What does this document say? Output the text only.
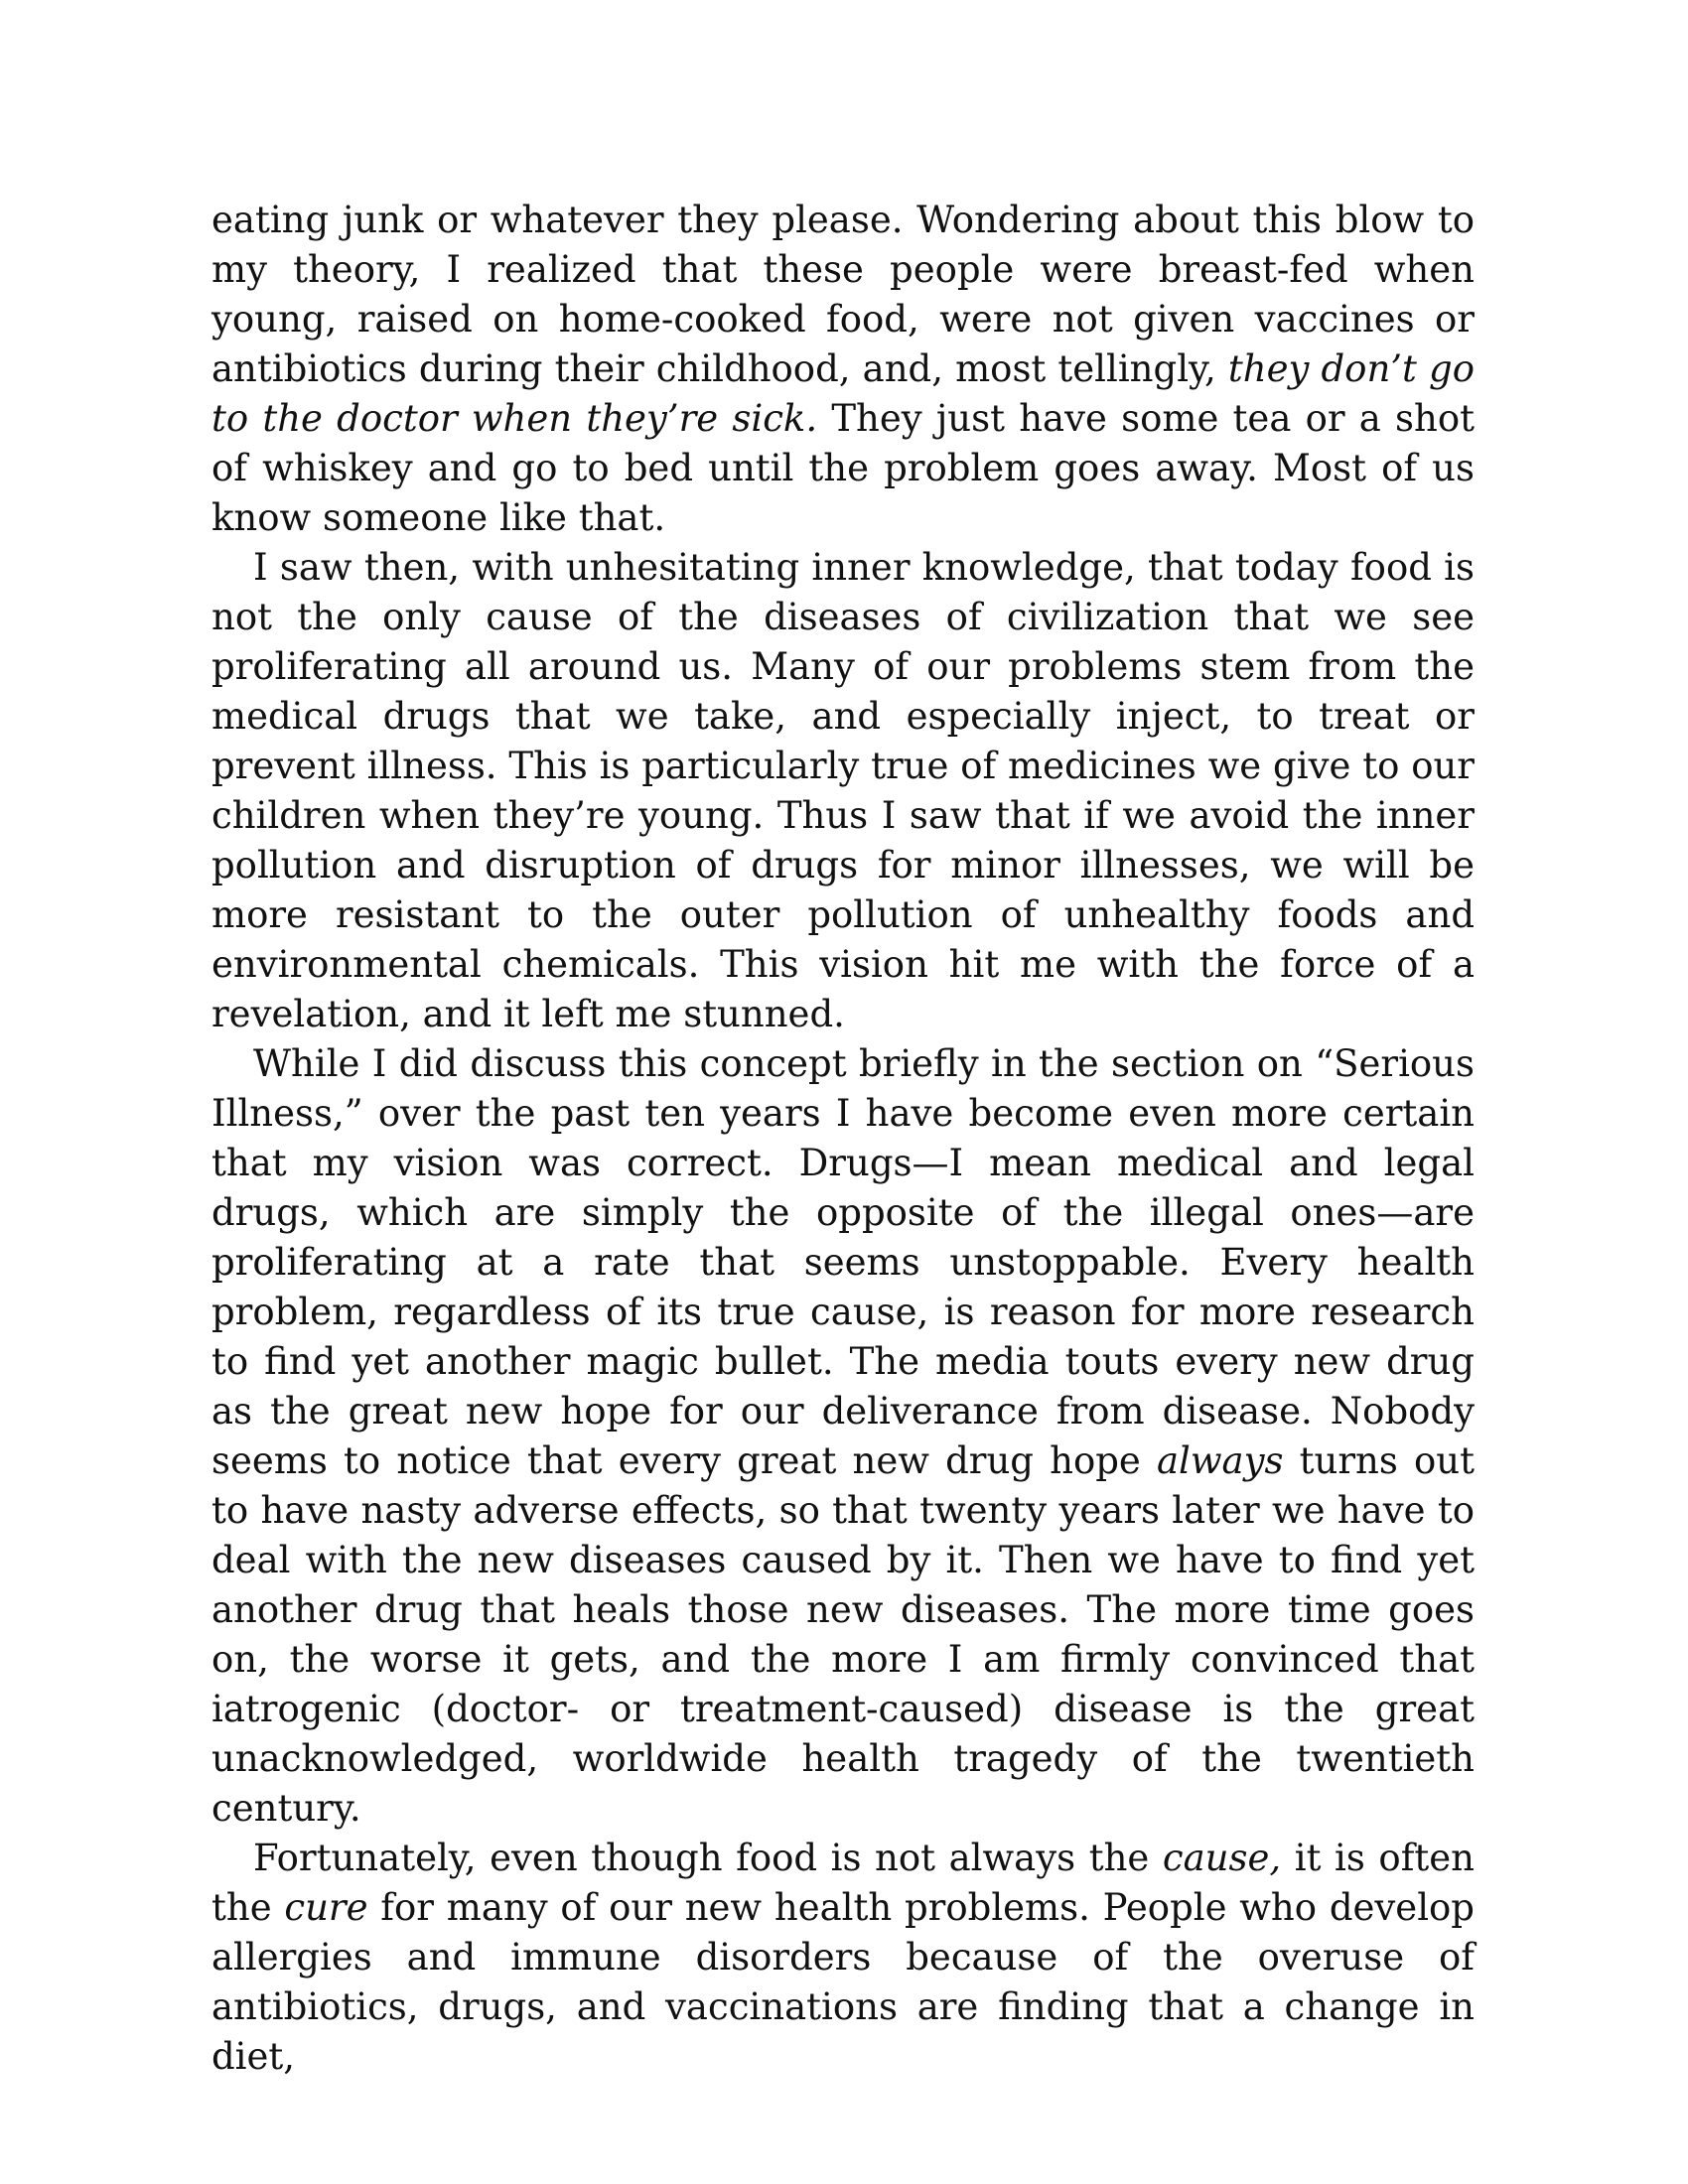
eating junk or whatever they please. Wondering about this blow to my theory, I realized that these people were breast-fed when young, raised on home-cooked food, were not given vaccines or antibiotics during their childhood, and, most tellingly, they don’t go to the doctor when they’re sick. They just have some tea or a shot of whiskey and go to bed until the problem goes away. Most of us know someone like that.

I saw then, with unhesitating inner knowledge, that today food is not the only cause of the diseases of civilization that we see proliferating all around us. Many of our problems stem from the medical drugs that we take, and especially inject, to treat or prevent illness. This is particularly true of medicines we give to our children when they’re young. Thus I saw that if we avoid the inner pollution and disruption of drugs for minor illnesses, we will be more resistant to the outer pollution of unhealthy foods and environmental chemicals. This vision hit me with the force of a revelation, and it left me stunned.

While I did discuss this concept briefly in the section on “Serious Illness,” over the past ten years I have become even more certain that my vision was correct. Drugs—I mean medical and legal drugs, which are simply the opposite of the illegal ones—are proliferating at a rate that seems unstoppable. Every health problem, regardless of its true cause, is reason for more research to find yet another magic bullet. The media touts every new drug as the great new hope for our deliverance from disease. Nobody seems to notice that every great new drug hope always turns out to have nasty adverse effects, so that twenty years later we have to deal with the new diseases caused by it. Then we have to find yet another drug that heals those new diseases. The more time goes on, the worse it gets, and the more I am firmly convinced that iatrogenic (doctor- or treatment-caused) disease is the great unacknowledged, worldwide health tragedy of the twentieth century.

Fortunately, even though food is not always the cause, it is often the cure for many of our new health problems. People who develop allergies and immune disorders because of the overuse of antibiotics, drugs, and vaccinations are finding that a change in diet,
